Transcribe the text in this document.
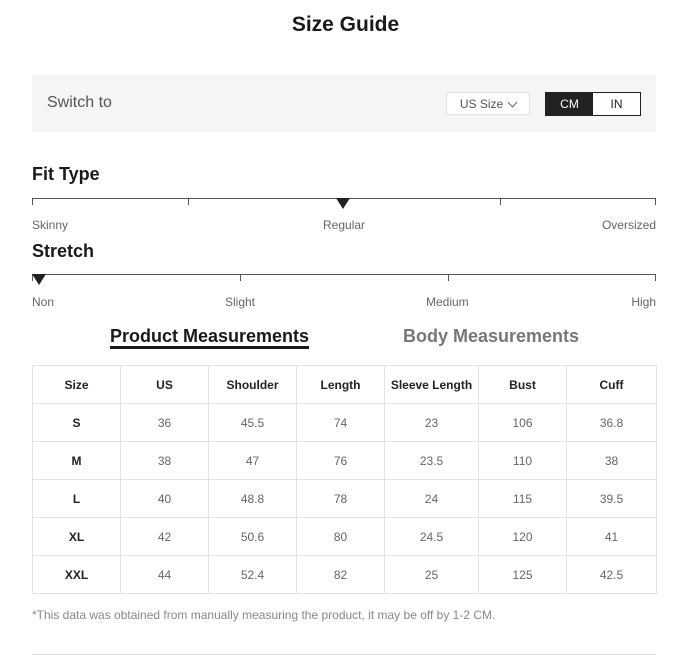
Size Guide
Switch to	US Size	CM	IN
Fit Type
Skinny	Regular	Oversized
Stretch
Non	Slight	Medium	High
Product Measurements	Body Measurements
Size	US	Shoulder	Length	Sleeve Length	Bust	Cuff
S	36	45.5	74	23	106	36.8
M	38	47	76	23.5	110	38
L	40	48.8	78	24	115	39.5
XL	42	50.6	80	24.5	120	41
XXL	44	52.4	82	25	125	42.5
*This data was obtained from manually measuring the product, it may be off by 1-2 CM.
